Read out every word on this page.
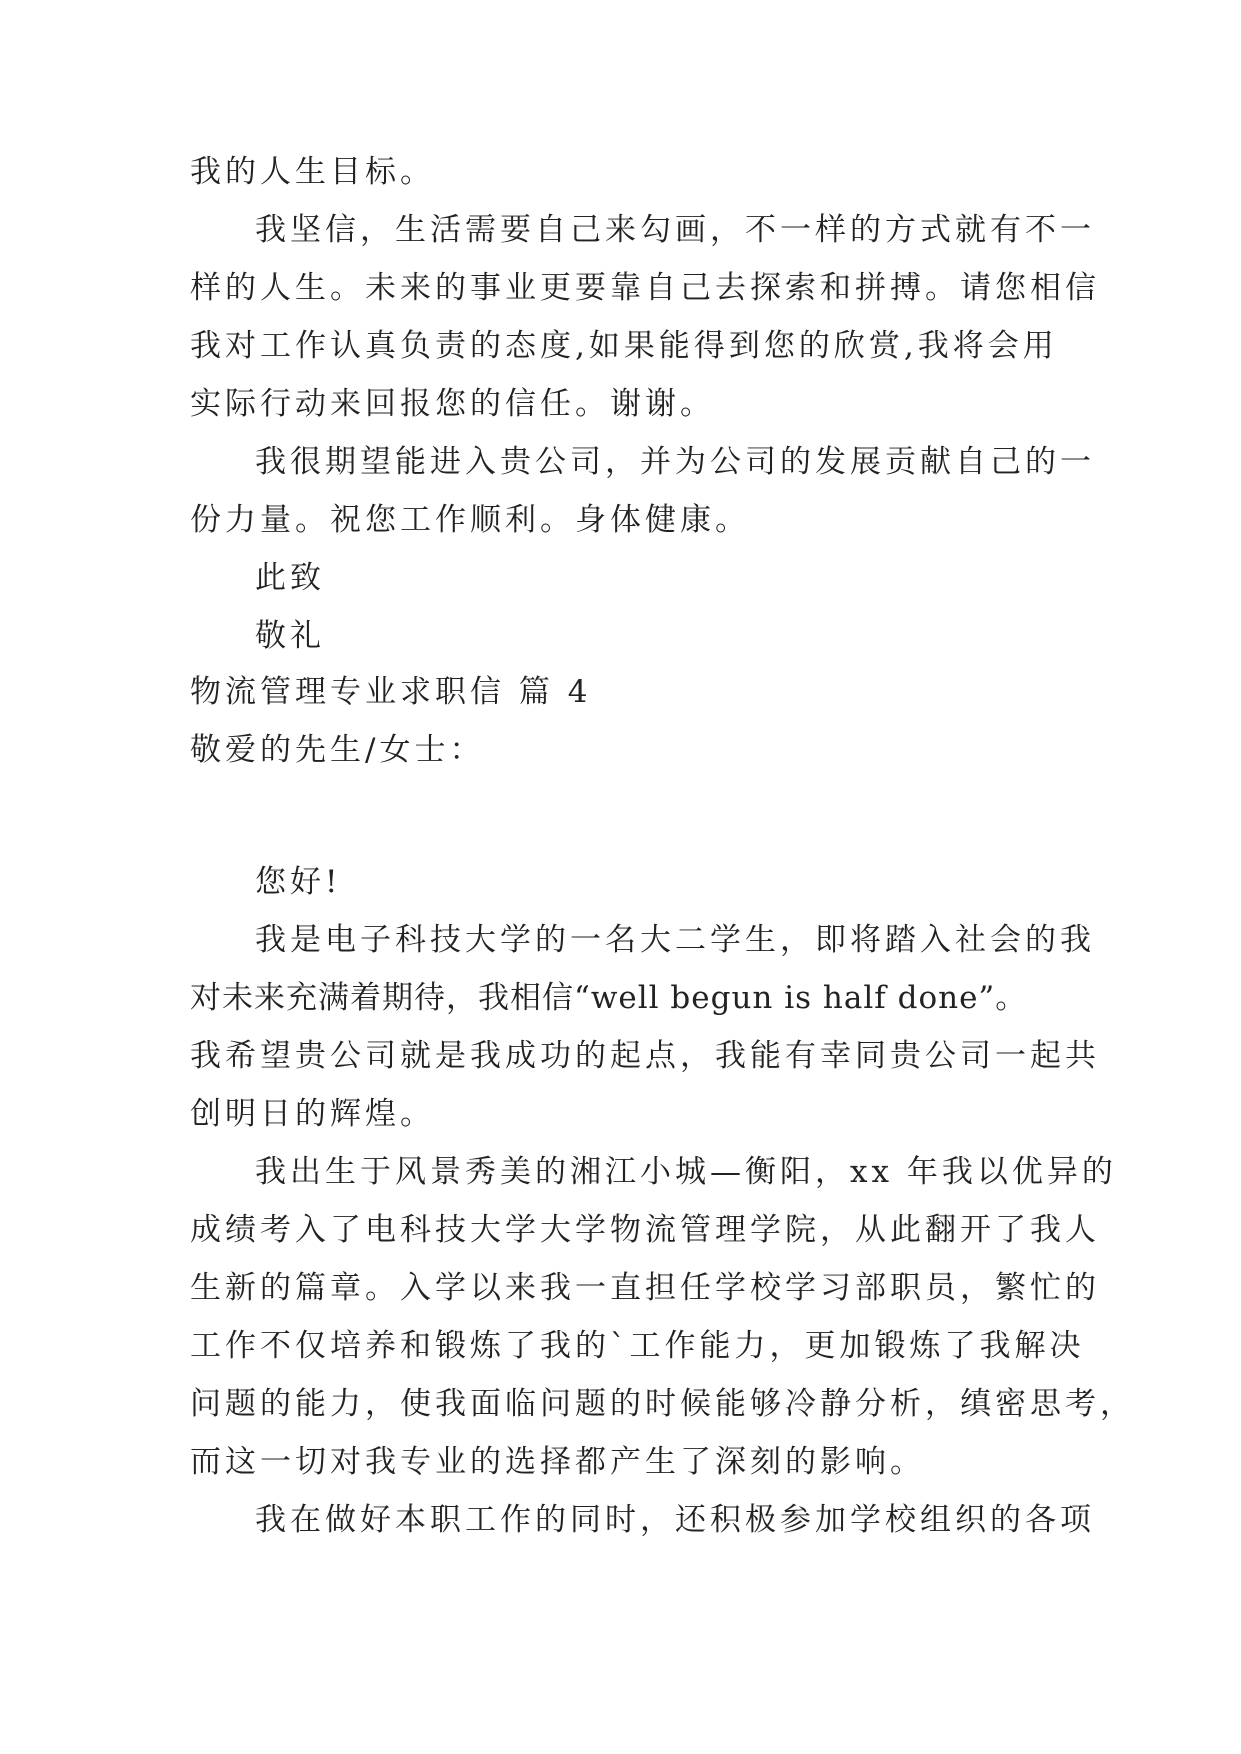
我的人生目标。
我坚信，生活需要自己来勾画，不一样的方式就有不一
样的人生。未来的事业更要靠自己去探索和拼搏。请您相信
我对工作认真负责的态度,如果能得到您的欣赏,我将会用
实际行动来回报您的信任。谢谢。
我很期望能进入贵公司，并为公司的发展贡献自己的一
份力量。祝您工作顺利。身体健康。
此致
敬礼
物流管理专业求职信 篇 4
敬爱的先生/女士：
您好!
我是电子科技大学的一名大二学生，即将踏入社会的我
对未来充满着期待，我相信“well begun is half done”。
我希望贵公司就是我成功的起点，我能有幸同贵公司一起共
创明日的辉煌。
我出生于风景秀美的湘江小城—衡阳，xx 年我以优异的
成绩考入了电科技大学大学物流管理学院，从此翻开了我人
生新的篇章。入学以来我一直担任学校学习部职员，繁忙的
工作不仅培养和锻炼了我的`工作能力，更加锻炼了我解决
问题的能力，使我面临问题的时候能够冷静分析，缜密思考，
而这一切对我专业的选择都产生了深刻的影响。
我在做好本职工作的同时，还积极参加学校组织的各项
